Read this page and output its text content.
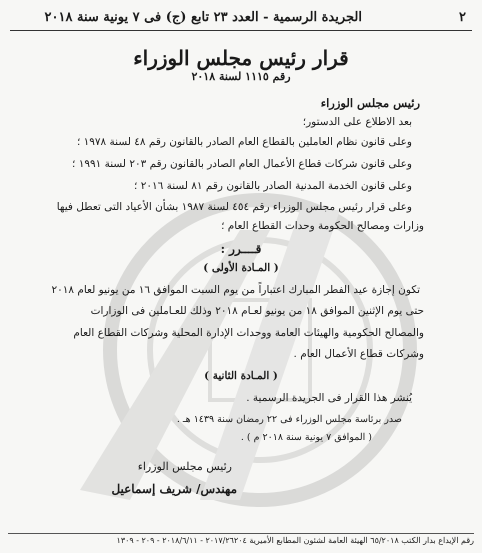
٢
الجريدة الرسمية - العدد ٢٣ تابع (ج) فى ٧ يونية سنة ٢٠١٨
قرار رئيس مجلس الوزراء
رقم ١١١٥ لسنة ٢٠١٨
رئيس مجلس الوزراء
بعد الاطلاع على الدستور؛
وعلى قانون نظام العاملين بالقطاع العام الصادر بالقانون رقم ٤٨ لسنة ١٩٧٨ ؛
وعلى قانون شركات قطاع الأعمال العام الصادر بالقانون رقم ٢٠٣ لسنة ١٩٩١ ؛
وعلى قانون الخدمة المدنية الصادر بالقانون رقم ٨١ لسنة ٢٠١٦ ؛
وعلى قرار رئيس مجلس الوزراء رقم ٤٥٤ لسنة ١٩٨٧ بشأن الأعياد التى تعطل فيها
وزارات ومصالح الحكومة وحدات القطاع العام ؛
قــــرر :
( المـادة الأولى )
تكون إجازة عيد الفطر المبارك اعتباراً من يوم السبت الموافق ١٦ من يونيو لعام ٢٠١٨
حتى يوم الإثنين الموافق ١٨ من يونيو لعـام ٢٠١٨ وذلك للعـاملين فى الوزارات
والمصالح الحكومية والهيئات العامة ووحدات الإدارة المحلية وشركات القطاع العام
وشركات قطاع الأعمال العام .
( المـادة الثانية )
يُنشر هذا القرار فى الجريدة الرسمية .
صدر برئاسة مجلس الوزراء فى ٢٢ رمضان سنة ١٤٣٩ هـ .
( الموافق ٧ يونية سنة ٢٠١٨ م ) .
رئيس مجلس الوزراء
مهندس/ شريف إسماعيل
رقم الإيداع بدار الكتب ٦٥/٢٠١٨ الهيئة العامة لشئون المطابع الأميرية ٢٠١٧/٢٦٢٠٤ - ٢٠١٨/٦/١١ - ٢٠٩ - ١٣٠٩
